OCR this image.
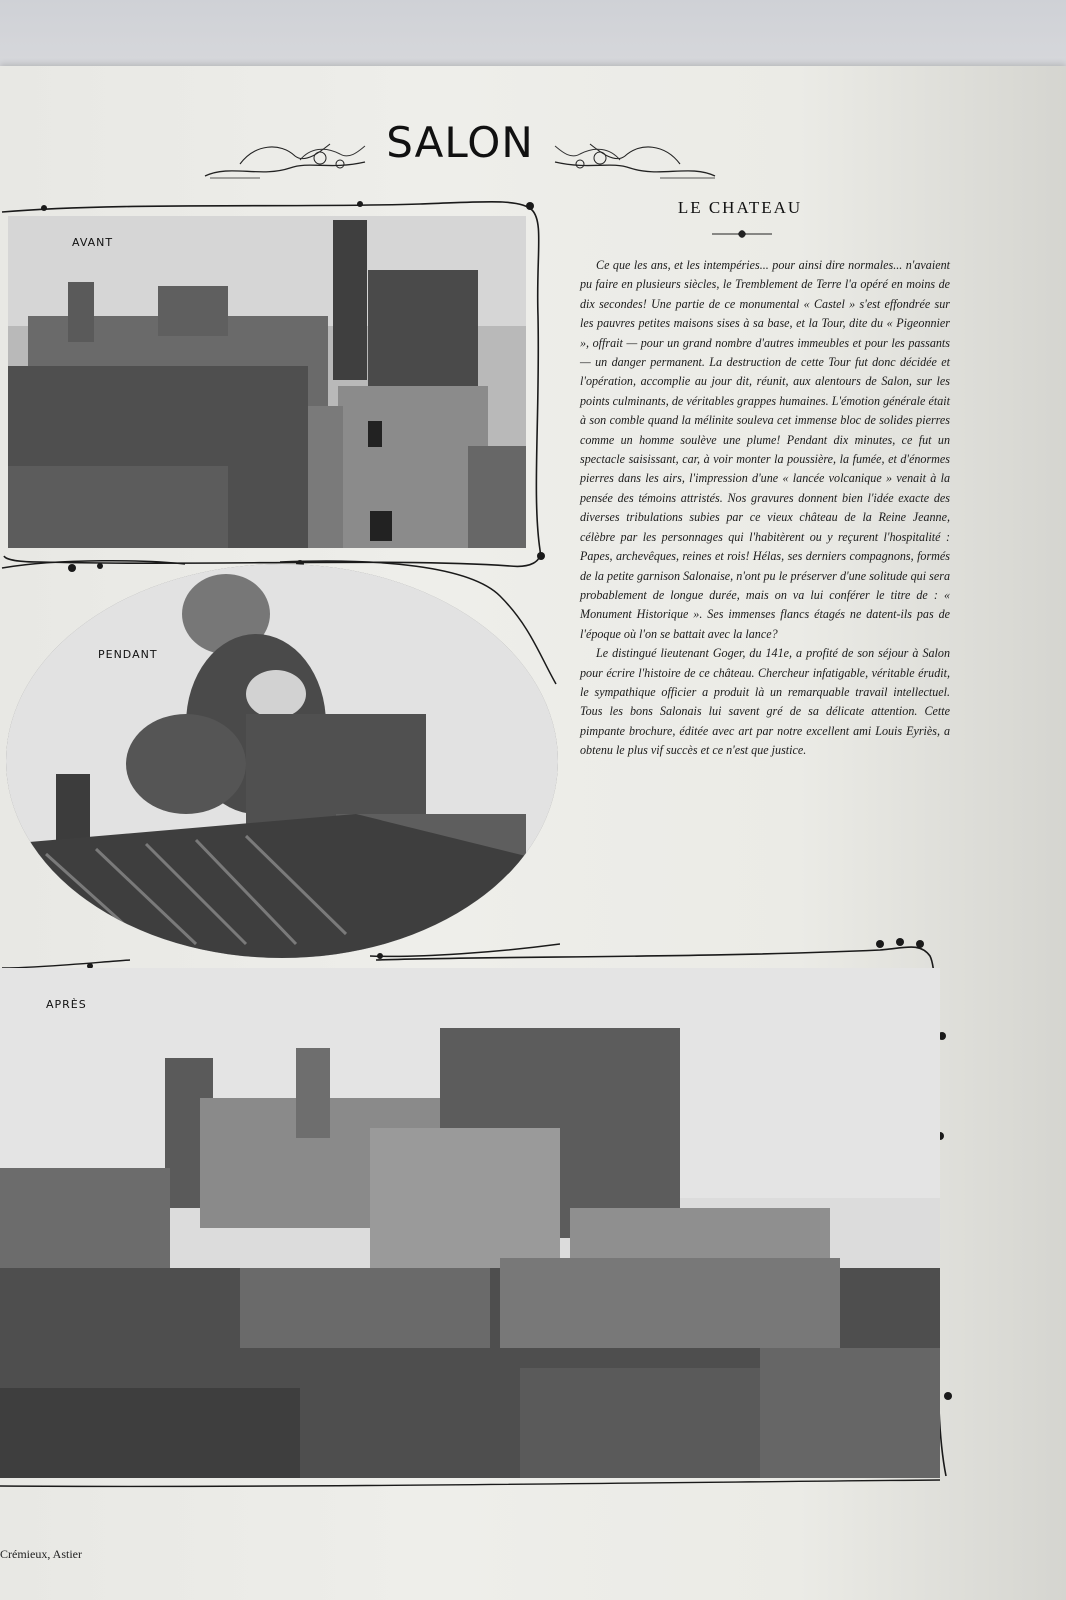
SALON
AVANT
PENDANT
LE CHATEAU

Ce que les ans, et les intempéries... pour ainsi dire normales... n'avaient pu faire en plusieurs siècles, le Tremblement de Terre l'a opéré en moins de dix secondes! Une partie de ce monumental « Castel » s'est effondrée sur les pauvres petites maisons sises à sa base, et la Tour, dite du « Pigeonnier », offrait — pour un grand nombre d'autres immeubles et pour les passants — un danger permanent. La destruction de cette Tour fut donc décidée et l'opération, accomplie au jour dit, réunit, aux alentours de Salon, sur les points culminants, de véritables grappes humaines. L'émotion générale était à son comble quand la mélinite souleva cet immense bloc de solides pierres comme un homme soulève une plume! Pendant dix minutes, ce fut un spectacle saisissant, car, à voir monter la poussière, la fumée, et d'énormes pierres dans les airs, l'impression d'une « lancée volcanique » venait à la pensée des témoins attristés. Nos gravures donnent bien l'idée exacte des diverses tribulations subies par ce vieux château de la Reine Jeanne, célèbre par les personnages qui l'habitèrent ou y reçurent l'hospitalité : Papes, archevêques, reines et rois! Hélas, ses derniers compagnons, formés de la petite garnison Salonaise, n'ont pu le préserver d'une solitude qui sera probablement de longue durée, mais on va lui conférer le titre de : « Monument Historique ». Ses immenses flancs étagés ne datent-ils pas de l'époque où l'on se battait avec la lance?

Le distingué lieutenant Goger, du 141e, a profité de son séjour à Salon pour écrire l'histoire de ce château. Chercheur infatigable, véritable érudit, le sympathique officier a produit là un remarquable travail intellectuel. Tous les bons Salonais lui savent gré de sa délicate attention. Cette pimpante brochure, éditée avec art par notre excellent ami Louis Eyriès, a obtenu le plus vif succès et ce n'est que justice.

APRÈS
Crémieux, Astier
